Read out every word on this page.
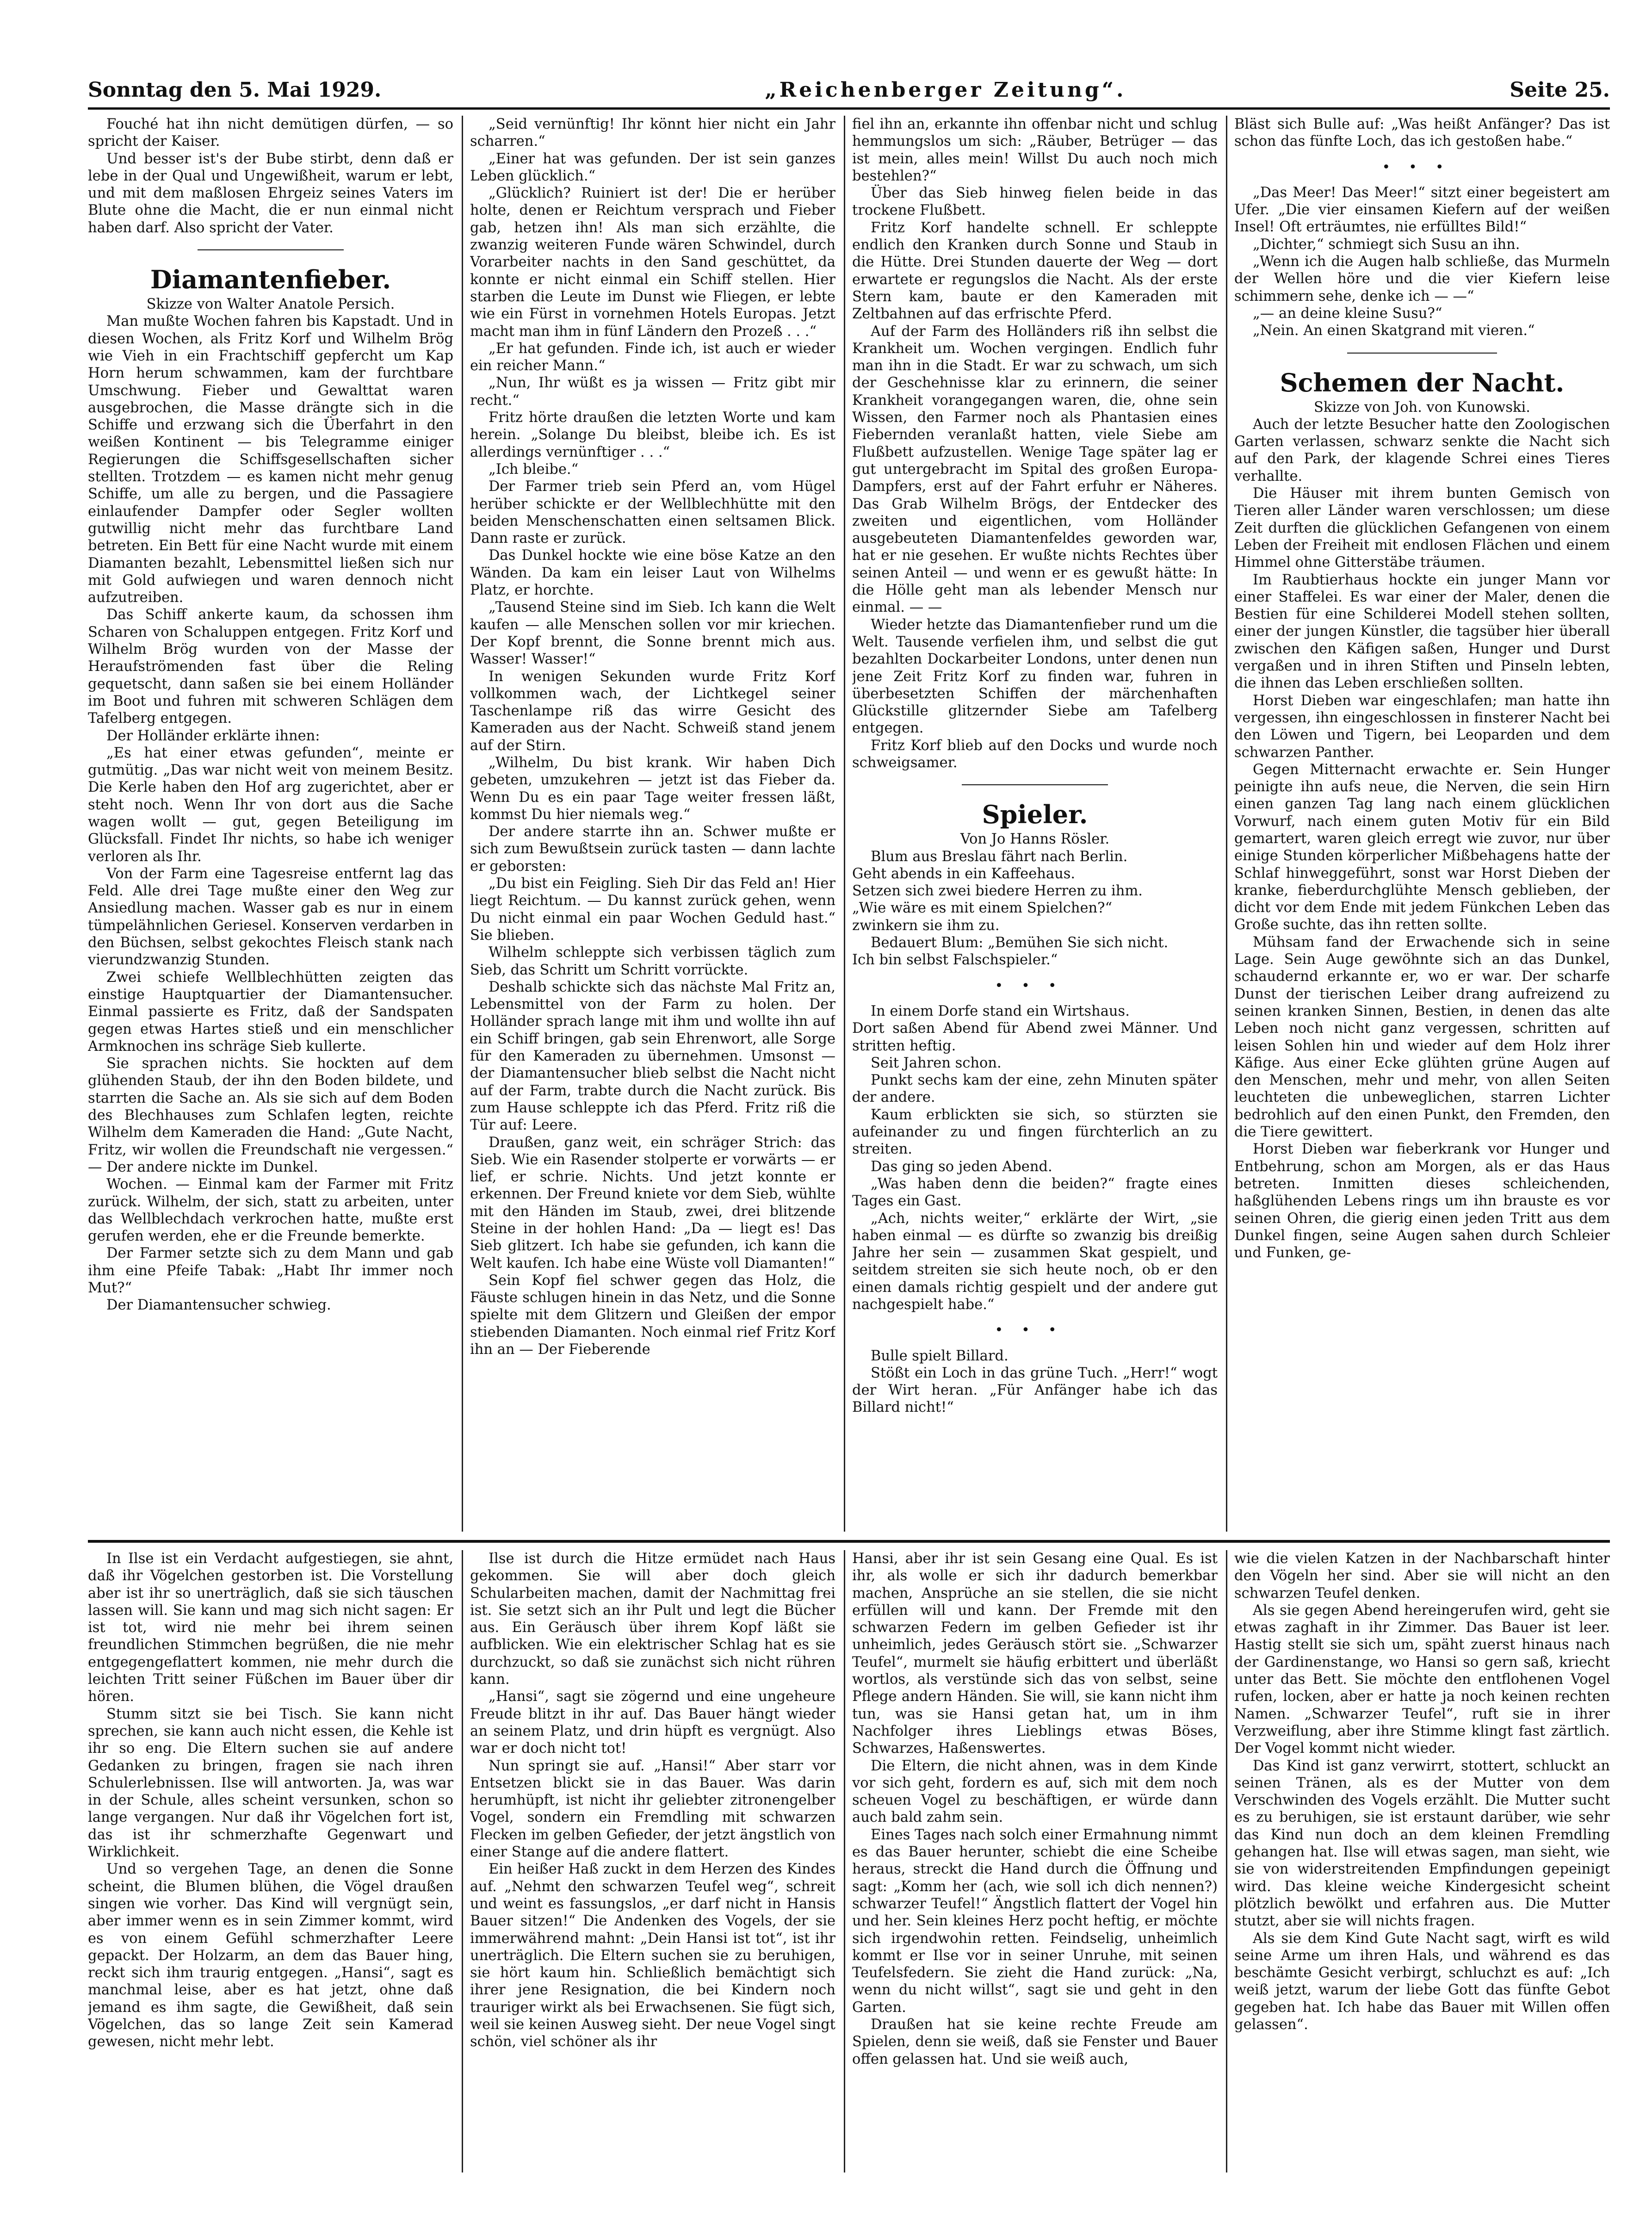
Sonntag den 5. Mai 1929.	„Reichenberger Zeitung“.	Seite 25.

Fouché hat ihn nicht demütigen dürfen, — so spricht der Kaiser.

Und besser ist's der Bube stirbt, denn daß er lebe in der Qual und Ungewißheit, warum er lebt, und mit dem maßlosen Ehrgeiz seines Vaters im Blute ohne die Macht, die er nun einmal nicht haben darf. Also spricht der Vater.

Diamantenfieber.

Skizze von Walter Anatole Persich.

Man mußte Wochen fahren bis Kapstadt. Und in diesen Wochen, als Fritz Korf und Wilhelm Brög wie Vieh in ein Frachtschiff gepfercht um Kap Horn herum schwammen, kam der furchtbare Umschwung. Fieber und Gewalttat waren ausgebrochen, die Masse drängte sich in die Schiffe und erzwang sich die Überfahrt in den weißen Kontinent — bis Telegramme einiger Regierungen die Schiffsgesellschaften sicher stellten. Trotzdem — es kamen nicht mehr genug Schiffe, um alle zu bergen, und die Passagiere einlaufender Dampfer oder Segler wollten gutwillig nicht mehr das furchtbare Land betreten. Ein Bett für eine Nacht wurde mit einem Diamanten bezahlt, Lebensmittel ließen sich nur mit Gold aufwiegen und waren dennoch nicht aufzutreiben.

Das Schiff ankerte kaum, da schossen ihm Scharen von Schaluppen entgegen. Fritz Korf und Wilhelm Brög wurden von der Masse der Heraufströmenden fast über die Reling gequetscht, dann saßen sie bei einem Holländer im Boot und fuhren mit schweren Schlägen dem Tafelberg entgegen.

Der Holländer erklärte ihnen:

„Es hat einer etwas gefunden“, meinte er gutmütig. „Das war nicht weit von meinem Besitz. Die Kerle haben den Hof arg zugerichtet, aber er steht noch. Wenn Ihr von dort aus die Sache wagen wollt — gut, gegen Beteiligung im Glücksfall. Findet Ihr nichts, so habe ich weniger verloren als Ihr.

Von der Farm eine Tagesreise entfernt lag das Feld. Alle drei Tage mußte einer den Weg zur Ansiedlung machen. Wasser gab es nur in einem tümpelähnlichen Geriesel. Konserven verdarben in den Büchsen, selbst gekochtes Fleisch stank nach vierundzwanzig Stunden.

Zwei schiefe Wellblechhütten zeigten das einstige Hauptquartier der Diamantensucher. Einmal passierte es Fritz, daß der Sandspaten gegen etwas Hartes stieß und ein menschlicher Armknochen ins schräge Sieb kullerte.

Sie sprachen nichts. Sie hockten auf dem glühenden Staub, der ihn den Boden bildete, und starrten die Sache an. Als sie sich auf dem Boden des Blechhauses zum Schlafen legten, reichte Wilhelm dem Kameraden die Hand: „Gute Nacht, Fritz, wir wollen die Freundschaft nie vergessen.“ — Der andere nickte im Dunkel.

Wochen. — Einmal kam der Farmer mit Fritz zurück. Wilhelm, der sich, statt zu arbeiten, unter das Wellblechdach verkrochen hatte, mußte erst gerufen werden, ehe er die Freunde bemerkte.

Der Farmer setzte sich zu dem Mann und gab ihm eine Pfeife Tabak: „Habt Ihr immer noch Mut?“

Der Diamantensucher schwieg.

„Seid vernünftig! Ihr könnt hier nicht ein Jahr scharren.“

„Einer hat was gefunden. Der ist sein ganzes Leben glücklich.“

„Glücklich? Ruiniert ist der! Die er herüber holte, denen er Reichtum versprach und Fieber gab, hetzen ihn! Als man sich erzählte, die zwanzig weiteren Funde wären Schwindel, durch Vorarbeiter nachts in den Sand geschüttet, da konnte er nicht einmal ein Schiff stellen. Hier starben die Leute im Dunst wie Fliegen, er lebte wie ein Fürst in vornehmen Hotels Europas. Jetzt macht man ihm in fünf Ländern den Prozeß . . .“

„Er hat gefunden. Finde ich, ist auch er wieder ein reicher Mann.“

„Nun, Ihr wüßt es ja wissen — Fritz gibt mir recht.“

Fritz hörte draußen die letzten Worte und kam herein. „Solange Du bleibst, bleibe ich. Es ist allerdings vernünftiger . . .“

„Ich bleibe.“

Der Farmer trieb sein Pferd an, vom Hügel herüber schickte er der Wellblechhütte mit den beiden Menschenschatten einen seltsamen Blick. Dann raste er zurück.

Das Dunkel hockte wie eine böse Katze an den Wänden. Da kam ein leiser Laut von Wilhelms Platz, er horchte.

„Tausend Steine sind im Sieb. Ich kann die Welt kaufen — alle Menschen sollen vor mir kriechen. Der Kopf brennt, die Sonne brennt mich aus. Wasser! Wasser!“

In wenigen Sekunden wurde Fritz Korf vollkommen wach, der Lichtkegel seiner Taschenlampe riß das wirre Gesicht des Kameraden aus der Nacht. Schweiß stand jenem auf der Stirn.

„Wilhelm, Du bist krank. Wir haben Dich gebeten, umzukehren — jetzt ist das Fieber da. Wenn Du es ein paar Tage weiter fressen läßt, kommst Du hier niemals weg.“

Der andere starrte ihn an. Schwer mußte er sich zum Bewußtsein zurück tasten — dann lachte er geborsten:

„Du bist ein Feigling. Sieh Dir das Feld an! Hier liegt Reichtum. — Du kannst zurück gehen, wenn Du nicht einmal ein paar Wochen Geduld hast.“ Sie blieben.

Wilhelm schleppte sich verbissen täglich zum Sieb, das Schritt um Schritt vorrückte.

Deshalb schickte sich das nächste Mal Fritz an, Lebensmittel von der Farm zu holen. Der Holländer sprach lange mit ihm und wollte ihn auf ein Schiff bringen, gab sein Ehrenwort, alle Sorge für den Kameraden zu übernehmen. Umsonst — der Diamantensucher blieb selbst die Nacht nicht auf der Farm, trabte durch die Nacht zurück. Bis zum Hause schleppte ich das Pferd. Fritz riß die Tür auf: Leere.

Draußen, ganz weit, ein schräger Strich: das Sieb. Wie ein Rasender stolperte er vorwärts — er lief, er schrie. Nichts. Und jetzt konnte er erkennen. Der Freund kniete vor dem Sieb, wühlte mit den Händen im Staub, zwei, drei blitzende Steine in der hohlen Hand: „Da — liegt es! Das Sieb glitzert. Ich habe sie gefunden, ich kann die Welt kaufen. Ich habe eine Wüste voll Diamanten!“

Sein Kopf fiel schwer gegen das Holz, die Fäuste schlugen hinein in das Netz, und die Sonne spielte mit dem Glitzern und Gleißen der empor stiebenden Diamanten. Noch einmal rief Fritz Korf ihn an — Der Fieberende

fiel ihn an, erkannte ihn offenbar nicht und schlug hemmungslos um sich: „Räuber, Betrüger — das ist mein, alles mein! Willst Du auch noch mich bestehlen?“

Über das Sieb hinweg fielen beide in das trockene Flußbett.

Fritz Korf handelte schnell. Er schleppte endlich den Kranken durch Sonne und Staub in die Hütte. Drei Stunden dauerte der Weg — dort erwartete er regungslos die Nacht. Als der erste Stern kam, baute er den Kameraden mit Zeltbahnen auf das erfrischte Pferd.

Auf der Farm des Holländers riß ihn selbst die Krankheit um. Wochen vergingen. Endlich fuhr man ihn in die Stadt. Er war zu schwach, um sich der Geschehnisse klar zu erinnern, die seiner Krankheit vorangegangen waren, die, ohne sein Wissen, den Farmer noch als Phantasien eines Fiebernden veranlaßt hatten, viele Siebe am Flußbett aufzustellen. Wenige Tage später lag er gut untergebracht im Spital des großen Europa-Dampfers, erst auf der Fahrt erfuhr er Näheres. Das Grab Wilhelm Brögs, der Entdecker des zweiten und eigentlichen, vom Holländer ausgebeuteten Diamantenfeldes geworden war, hat er nie gesehen. Er wußte nichts Rechtes über seinen Anteil — und wenn er es gewußt hätte: In die Hölle geht man als lebender Mensch nur einmal. — —

Wieder hetzte das Diamantenfieber rund um die Welt. Tausende verfielen ihm, und selbst die gut bezahlten Dockarbeiter Londons, unter denen nun jene Zeit Fritz Korf zu finden war, fuhren in überbesetzten Schiffen der märchenhaften Glückstille glitzernder Siebe am Tafelberg entgegen.

Fritz Korf blieb auf den Docks und wurde noch schweigsamer.

Spieler.

Von Jo Hanns Rösler.

Blum aus Breslau fährt nach Berlin.
Geht abends in ein Kaffeehaus.
Setzen sich zwei biedere Herren zu ihm.
„Wie wäre es mit einem Spielchen?“
zwinkern sie ihm zu.

Bedauert Blum: „Bemühen Sie sich nicht.
Ich bin selbst Falschspieler.“

•••

In einem Dorfe stand ein Wirtshaus.
Dort saßen Abend für Abend zwei Männer. Und stritten heftig.

Seit Jahren schon.

Punkt sechs kam der eine, zehn Minuten später der andere.

Kaum erblickten sie sich, so stürzten sie aufeinander zu und fingen fürchterlich an zu streiten.

Das ging so jeden Abend.

„Was haben denn die beiden?“ fragte eines Tages ein Gast.

„Ach, nichts weiter,“ erklärte der Wirt, „sie haben einmal — es dürfte so zwanzig bis dreißig Jahre her sein — zusammen Skat gespielt, und seitdem streiten sie sich heute noch, ob er den einen damals richtig gespielt und der andere gut nachgespielt habe.“

•••

Bulle spielt Billard.

Stößt ein Loch in das grüne Tuch. „Herr!“ wogt der Wirt heran. „Für Anfänger habe ich das Billard nicht!“

Bläst sich Bulle auf: „Was heißt Anfänger? Das ist schon das fünfte Loch, das ich gestoßen habe.“

•••

„Das Meer! Das Meer!“ sitzt einer begeistert am Ufer. „Die vier einsamen Kiefern auf der weißen Insel! Oft erträumtes, nie erfülltes Bild!“

„Dichter,“ schmiegt sich Susu an ihn.

„Wenn ich die Augen halb schließe, das Murmeln der Wellen höre und die vier Kiefern leise schimmern sehe, denke ich — —“

„— an deine kleine Susu?“

„Nein. An einen Skatgrand mit vieren.“

Schemen der Nacht.

Skizze von Joh. von Kunowski.

Auch der letzte Besucher hatte den Zoologischen Garten verlassen, schwarz senkte die Nacht sich auf den Park, der klagende Schrei eines Tieres verhallte.

Die Häuser mit ihrem bunten Gemisch von Tieren aller Länder waren verschlossen; um diese Zeit durften die glücklichen Gefangenen von einem Leben der Freiheit mit endlosen Flächen und einem Himmel ohne Gitterstäbe träumen.

Im Raubtierhaus hockte ein junger Mann vor einer Staffelei. Es war einer der Maler, denen die Bestien für eine Schilderei Modell stehen sollten, einer der jungen Künstler, die tagsüber hier überall zwischen den Käfigen saßen, Hunger und Durst vergaßen und in ihren Stiften und Pinseln lebten, die ihnen das Leben erschließen sollten.

Horst Dieben war eingeschlafen; man hatte ihn vergessen, ihn eingeschlossen in finsterer Nacht bei den Löwen und Tigern, bei Leoparden und dem schwarzen Panther.

Gegen Mitternacht erwachte er. Sein Hunger peinigte ihn aufs neue, die Nerven, die sein Hirn einen ganzen Tag lang nach einem glücklichen Vorwurf, nach einem guten Motiv für ein Bild gemartert, waren gleich erregt wie zuvor, nur über einige Stunden körperlicher Mißbehagens hatte der Schlaf hinweggeführt, sonst war Horst Dieben der kranke, fieberdurchglühte Mensch geblieben, der dicht vor dem Ende mit jedem Fünkchen Leben das Große suchte, das ihn retten sollte.

Mühsam fand der Erwachende sich in seine Lage. Sein Auge gewöhnte sich an das Dunkel, schaudernd erkannte er, wo er war. Der scharfe Dunst der tierischen Leiber drang aufreizend zu seinen kranken Sinnen, Bestien, in denen das alte Leben noch nicht ganz vergessen, schritten auf leisen Sohlen hin und wieder auf dem Holz ihrer Käfige. Aus einer Ecke glühten grüne Augen auf den Menschen, mehr und mehr, von allen Seiten leuchteten die unbeweglichen, starren Lichter bedrohlich auf den einen Punkt, den Fremden, den die Tiere gewittert.

Horst Dieben war fieberkrank vor Hunger und Entbehrung, schon am Morgen, als er das Haus betreten. Inmitten dieses schleichenden, haßglühenden Lebens rings um ihn brauste es vor seinen Ohren, die gierig einen jeden Tritt aus dem Dunkel fingen, seine Augen sahen durch Schleier und Funken, ge-

In Ilse ist ein Verdacht aufgestiegen, sie ahnt, daß ihr Vögelchen gestorben ist. Die Vorstellung aber ist ihr so unerträglich, daß sie sich täuschen lassen will. Sie kann und mag sich nicht sagen: Er ist tot, wird nie mehr bei ihrem seinen freundlichen Stimmchen begrüßen, die nie mehr entgegengeflattert kommen, nie mehr durch die leichten Tritt seiner Füßchen im Bauer über dir hören.

Stumm sitzt sie bei Tisch. Sie kann nicht sprechen, sie kann auch nicht essen, die Kehle ist ihr so eng. Die Eltern suchen sie auf andere Gedanken zu bringen, fragen sie nach ihren Schulerlebnissen. Ilse will antworten. Ja, was war in der Schule, alles scheint versunken, schon so lange vergangen. Nur daß ihr Vögelchen fort ist, das ist ihr schmerzhafte Gegenwart und Wirklichkeit.

Und so vergehen Tage, an denen die Sonne scheint, die Blumen blühen, die Vögel draußen singen wie vorher. Das Kind will vergnügt sein, aber immer wenn es in sein Zimmer kommt, wird es von einem Gefühl schmerzhafter Leere gepackt. Der Holzarm, an dem das Bauer hing, reckt sich ihm traurig entgegen. „Hansi“, sagt es manchmal leise, aber es hat jetzt, ohne daß jemand es ihm sagte, die Gewißheit, daß sein Vögelchen, das so lange Zeit sein Kamerad gewesen, nicht mehr lebt.

Ilse ist durch die Hitze ermüdet nach Haus gekommen. Sie will aber doch gleich Schularbeiten machen, damit der Nachmittag frei ist. Sie setzt sich an ihr Pult und legt die Bücher aus. Ein Geräusch über ihrem Kopf läßt sie aufblicken. Wie ein elektrischer Schlag hat es sie durchzuckt, so daß sie zunächst sich nicht rühren kann.

„Hansi“, sagt sie zögernd und eine ungeheure Freude blitzt in ihr auf. Das Bauer hängt wieder an seinem Platz, und drin hüpft es vergnügt. Also war er doch nicht tot!

Nun springt sie auf. „Hansi!“ Aber starr vor Entsetzen blickt sie in das Bauer. Was darin herumhüpft, ist nicht ihr geliebter zitronengelber Vogel, sondern ein Fremdling mit schwarzen Flecken im gelben Gefieder, der jetzt ängstlich von einer Stange auf die andere flattert.

Ein heißer Haß zuckt in dem Herzen des Kindes auf. „Nehmt den schwarzen Teufel weg“, schreit und weint es fassungslos, „er darf nicht in Hansis Bauer sitzen!“ Die Andenken des Vogels, der sie immerwährend mahnt: „Dein Hansi ist tot“, ist ihr unerträglich. Die Eltern suchen sie zu beruhigen, sie hört kaum hin. Schließlich bemächtigt sich ihrer jene Resignation, die bei Kindern noch trauriger wirkt als bei Erwachsenen. Sie fügt sich, weil sie keinen Ausweg sieht. Der neue Vogel singt schön, viel schöner als ihr

Hansi, aber ihr ist sein Gesang eine Qual. Es ist ihr, als wolle er sich ihr dadurch bemerkbar machen, Ansprüche an sie stellen, die sie nicht erfüllen will und kann. Der Fremde mit den schwarzen Federn im gelben Gefieder ist ihr unheimlich, jedes Geräusch stört sie. „Schwarzer Teufel“, murmelt sie häufig erbittert und überläßt wortlos, als verstünde sich das von selbst, seine Pflege andern Händen. Sie will, sie kann nicht ihm tun, was sie Hansi getan hat, um in ihm Nachfolger ihres Lieblings etwas Böses, Schwarzes, Haßenswertes.

Die Eltern, die nicht ahnen, was in dem Kinde vor sich geht, fordern es auf, sich mit dem noch scheuen Vogel zu beschäftigen, er würde dann auch bald zahm sein.

Eines Tages nach solch einer Ermahnung nimmt es das Bauer herunter, schiebt die eine Scheibe heraus, streckt die Hand durch die Öffnung und sagt: „Komm her (ach, wie soll ich dich nennen?) schwarzer Teufel!“ Ängstlich flattert der Vogel hin und her. Sein kleines Herz pocht heftig, er möchte sich irgendwohin retten. Feindselig, unheimlich kommt er Ilse vor in seiner Unruhe, mit seinen Teufelsfedern. Sie zieht die Hand zurück: „Na, wenn du nicht willst“, sagt sie und geht in den Garten.

Draußen hat sie keine rechte Freude am Spielen, denn sie weiß, daß sie Fenster und Bauer offen gelassen hat. Und sie weiß auch,

wie die vielen Katzen in der Nachbarschaft hinter den Vögeln her sind. Aber sie will nicht an den schwarzen Teufel denken.

Als sie gegen Abend hereingerufen wird, geht sie etwas zaghaft in ihr Zimmer. Das Bauer ist leer. Hastig stellt sie sich um, späht zuerst hinaus nach der Gardinenstange, wo Hansi so gern saß, kriecht unter das Bett. Sie möchte den entflohenen Vogel rufen, locken, aber er hatte ja noch keinen rechten Namen. „Schwarzer Teufel“, ruft sie in ihrer Verzweiflung, aber ihre Stimme klingt fast zärtlich. Der Vogel kommt nicht wieder.

Das Kind ist ganz verwirrt, stottert, schluckt an seinen Tränen, als es der Mutter von dem Verschwinden des Vogels erzählt. Die Mutter sucht es zu beruhigen, sie ist erstaunt darüber, wie sehr das Kind nun doch an dem kleinen Fremdling gehangen hat. Ilse will etwas sagen, man sieht, wie sie von widerstreitenden Empfindungen gepeinigt wird. Das kleine weiche Kindergesicht scheint plötzlich bewölkt und erfahren aus. Die Mutter stutzt, aber sie will nichts fragen.

Als sie dem Kind Gute Nacht sagt, wirft es wild seine Arme um ihren Hals, und während es das beschämte Gesicht verbirgt, schluchzt es auf: „Ich weiß jetzt, warum der liebe Gott das fünfte Gebot gegeben hat. Ich habe das Bauer mit Willen offen gelassen“.
